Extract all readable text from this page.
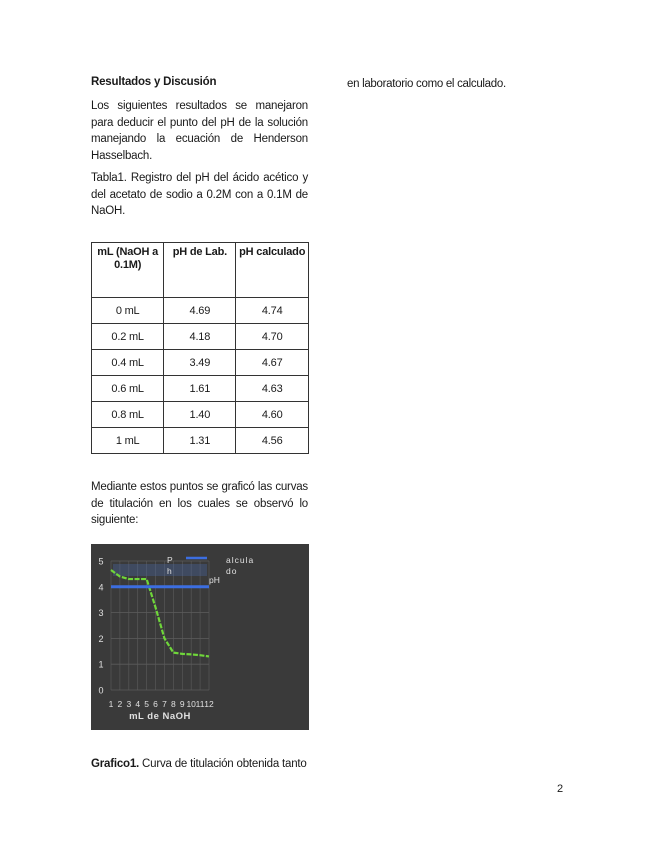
Resultados y Discusión

Los siguientes resultados se manejaron para deducir el punto del pH de la solución manejando la ecuación de Henderson Hasselbach.

Tabla1. Registro del pH del ácido acético y del acetato de sodio a 0.2M con a 0.1M de NaOH.

en laboratorio como el calculado.

mL (NaOH a 0.1M)	pH de Lab.	pH calculado
0 mL	4.69	4.74
0.2 mL	4.18	4.70
0.4 mL	3.49	4.67
0.6 mL	1.61	4.63
0.8 mL	1.40	4.60
1 mL	1.31	4.56

Mediante estos puntos se graficó las curvas de titulación en los cuales se observó lo siguiente:

0
1
2
3
4
5
1 2 3 4 5 6 7 8 9 10 11 12
mL de NaOH
P
h
alcula
do
pH
Grafico1. Curva de titulación obtenida tanto
2
